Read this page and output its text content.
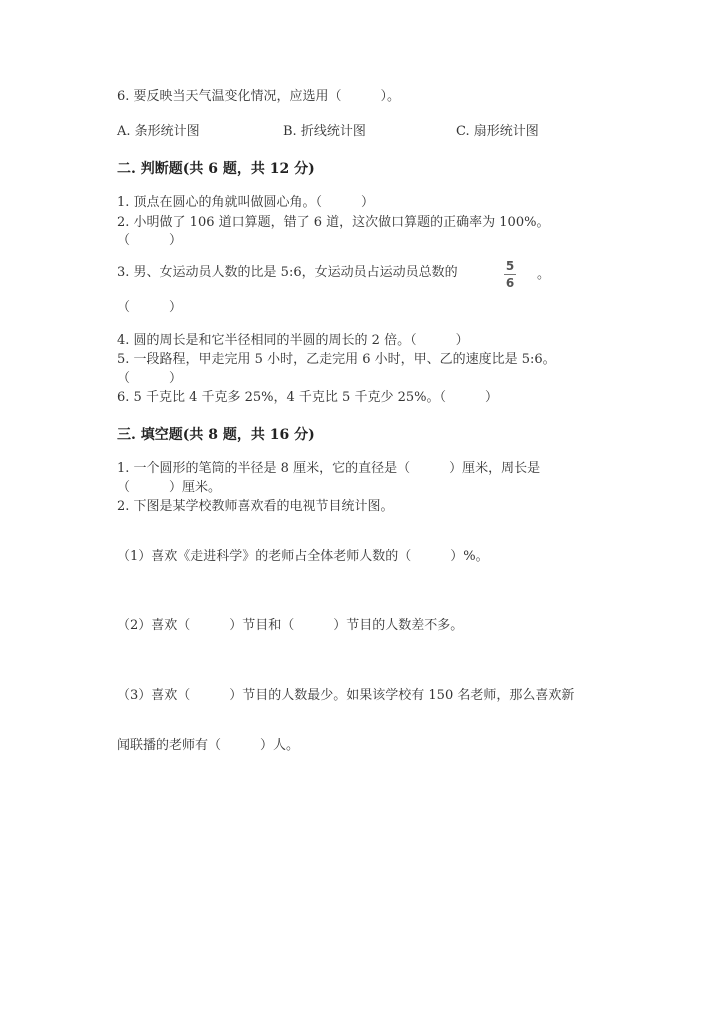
6. 要反映当天气温变化情况，应选用（　　　）。
A. 条形统计图	B. 折线统计图	C. 扇形统计图
二. 判断题(共 6 题，共 12 分)
1. 顶点在圆心的角就叫做圆心角。（　　　）
2. 小明做了 106 道口算题，错了 6 道，这次做口算题的正确率为 100%。
（　　　）
3. 男、女运动员人数的比是 5:6，女运动员占运动员总数的	5
6
。
（　　　）
4. 圆的周长是和它半径相同的半圆的周长的 2 倍。（　　　）
5. 一段路程，甲走完用 5 小时，乙走完用 6 小时，甲、乙的速度比是 5:6。
（　　　）
6. 5 千克比 4 千克多 25%，4 千克比 5 千克少 25%。（　　　）
三. 填空题(共 8 题，共 16 分)
1. 一个圆形的笔筒的半径是 8 厘米，它的直径是（　　　）厘米，周长是
（　　　）厘米。
2. 下图是某学校教师喜欢看的电视节目统计图。
（1）喜欢《走进科学》的老师占全体老师人数的（　　　）%。
（2）喜欢（　　　）节目和（　　　）节目的人数差不多。
（3）喜欢（　　　）节目的人数最少。如果该学校有 150 名老师，那么喜欢新
闻联播的老师有（　　　）人。
